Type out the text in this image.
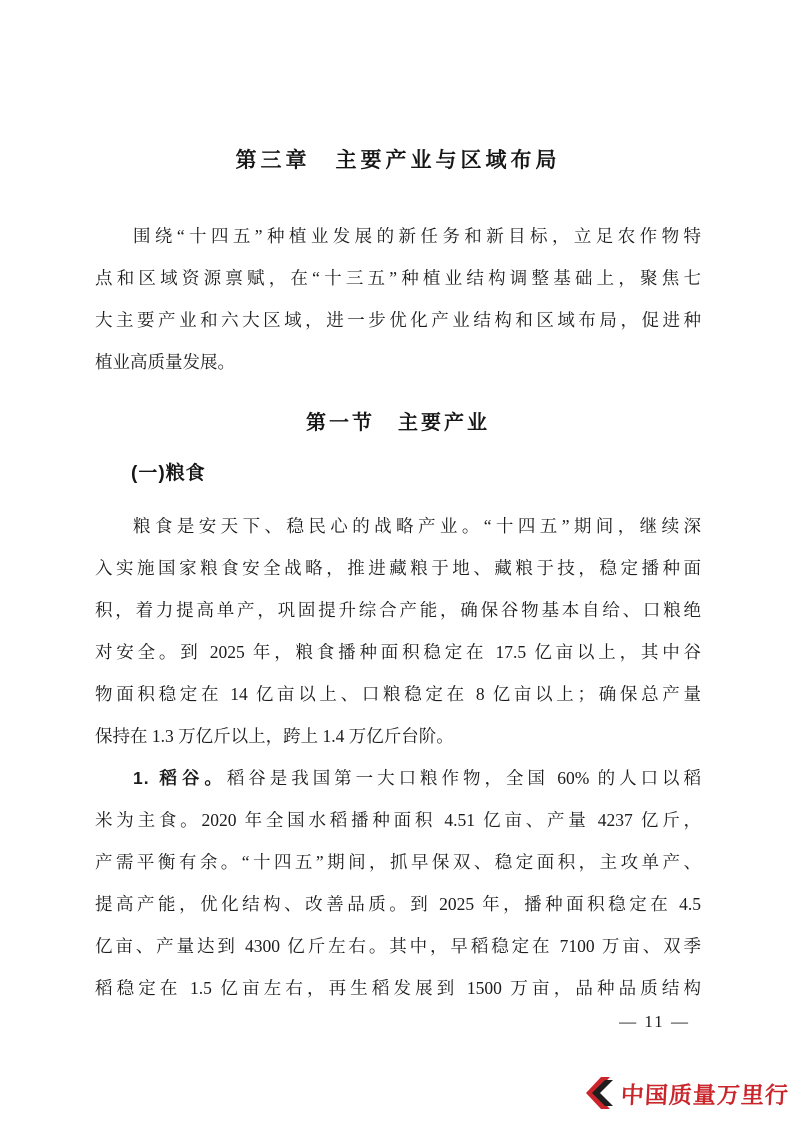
第三章　主要产业与区域布局
围绕“十四五”种植业发展的新任务和新目标，立足农作物特
点和区域资源禀赋，在“十三五”种植业结构调整基础上，聚焦七
大主要产业和六大区域，进一步优化产业结构和区域布局，促进种
植业高质量发展。
第一节　主要产业
(一)粮食
粮食是安天下、稳民心的战略产业。“十四五”期间，继续深
入实施国家粮食安全战略，推进藏粮于地、藏粮于技，稳定播种面
积，着力提高单产，巩固提升综合产能，确保谷物基本自给、口粮绝
对安全。到 2025 年，粮食播种面积稳定在 17.5 亿亩以上，其中谷
物面积稳定在 14 亿亩以上、口粮稳定在 8 亿亩以上；确保总产量
保持在 1.3 万亿斤以上，跨上 1.4 万亿斤台阶。
1. 稻谷。稻谷是我国第一大口粮作物，全国 60% 的人口以稻
米为主食。2020 年全国水稻播种面积 4.51 亿亩、产量 4237 亿斤，
产需平衡有余。“十四五”期间，抓早保双、稳定面积，主攻单产、
提高产能，优化结构、改善品质。到 2025 年，播种面积稳定在 4.5
亿亩、产量达到 4300 亿斤左右。其中，早稻稳定在 7100 万亩、双季
稻稳定在 1.5 亿亩左右，再生稻发展到 1500 万亩，品种品质结构
— 11 —
中国质量万里行
